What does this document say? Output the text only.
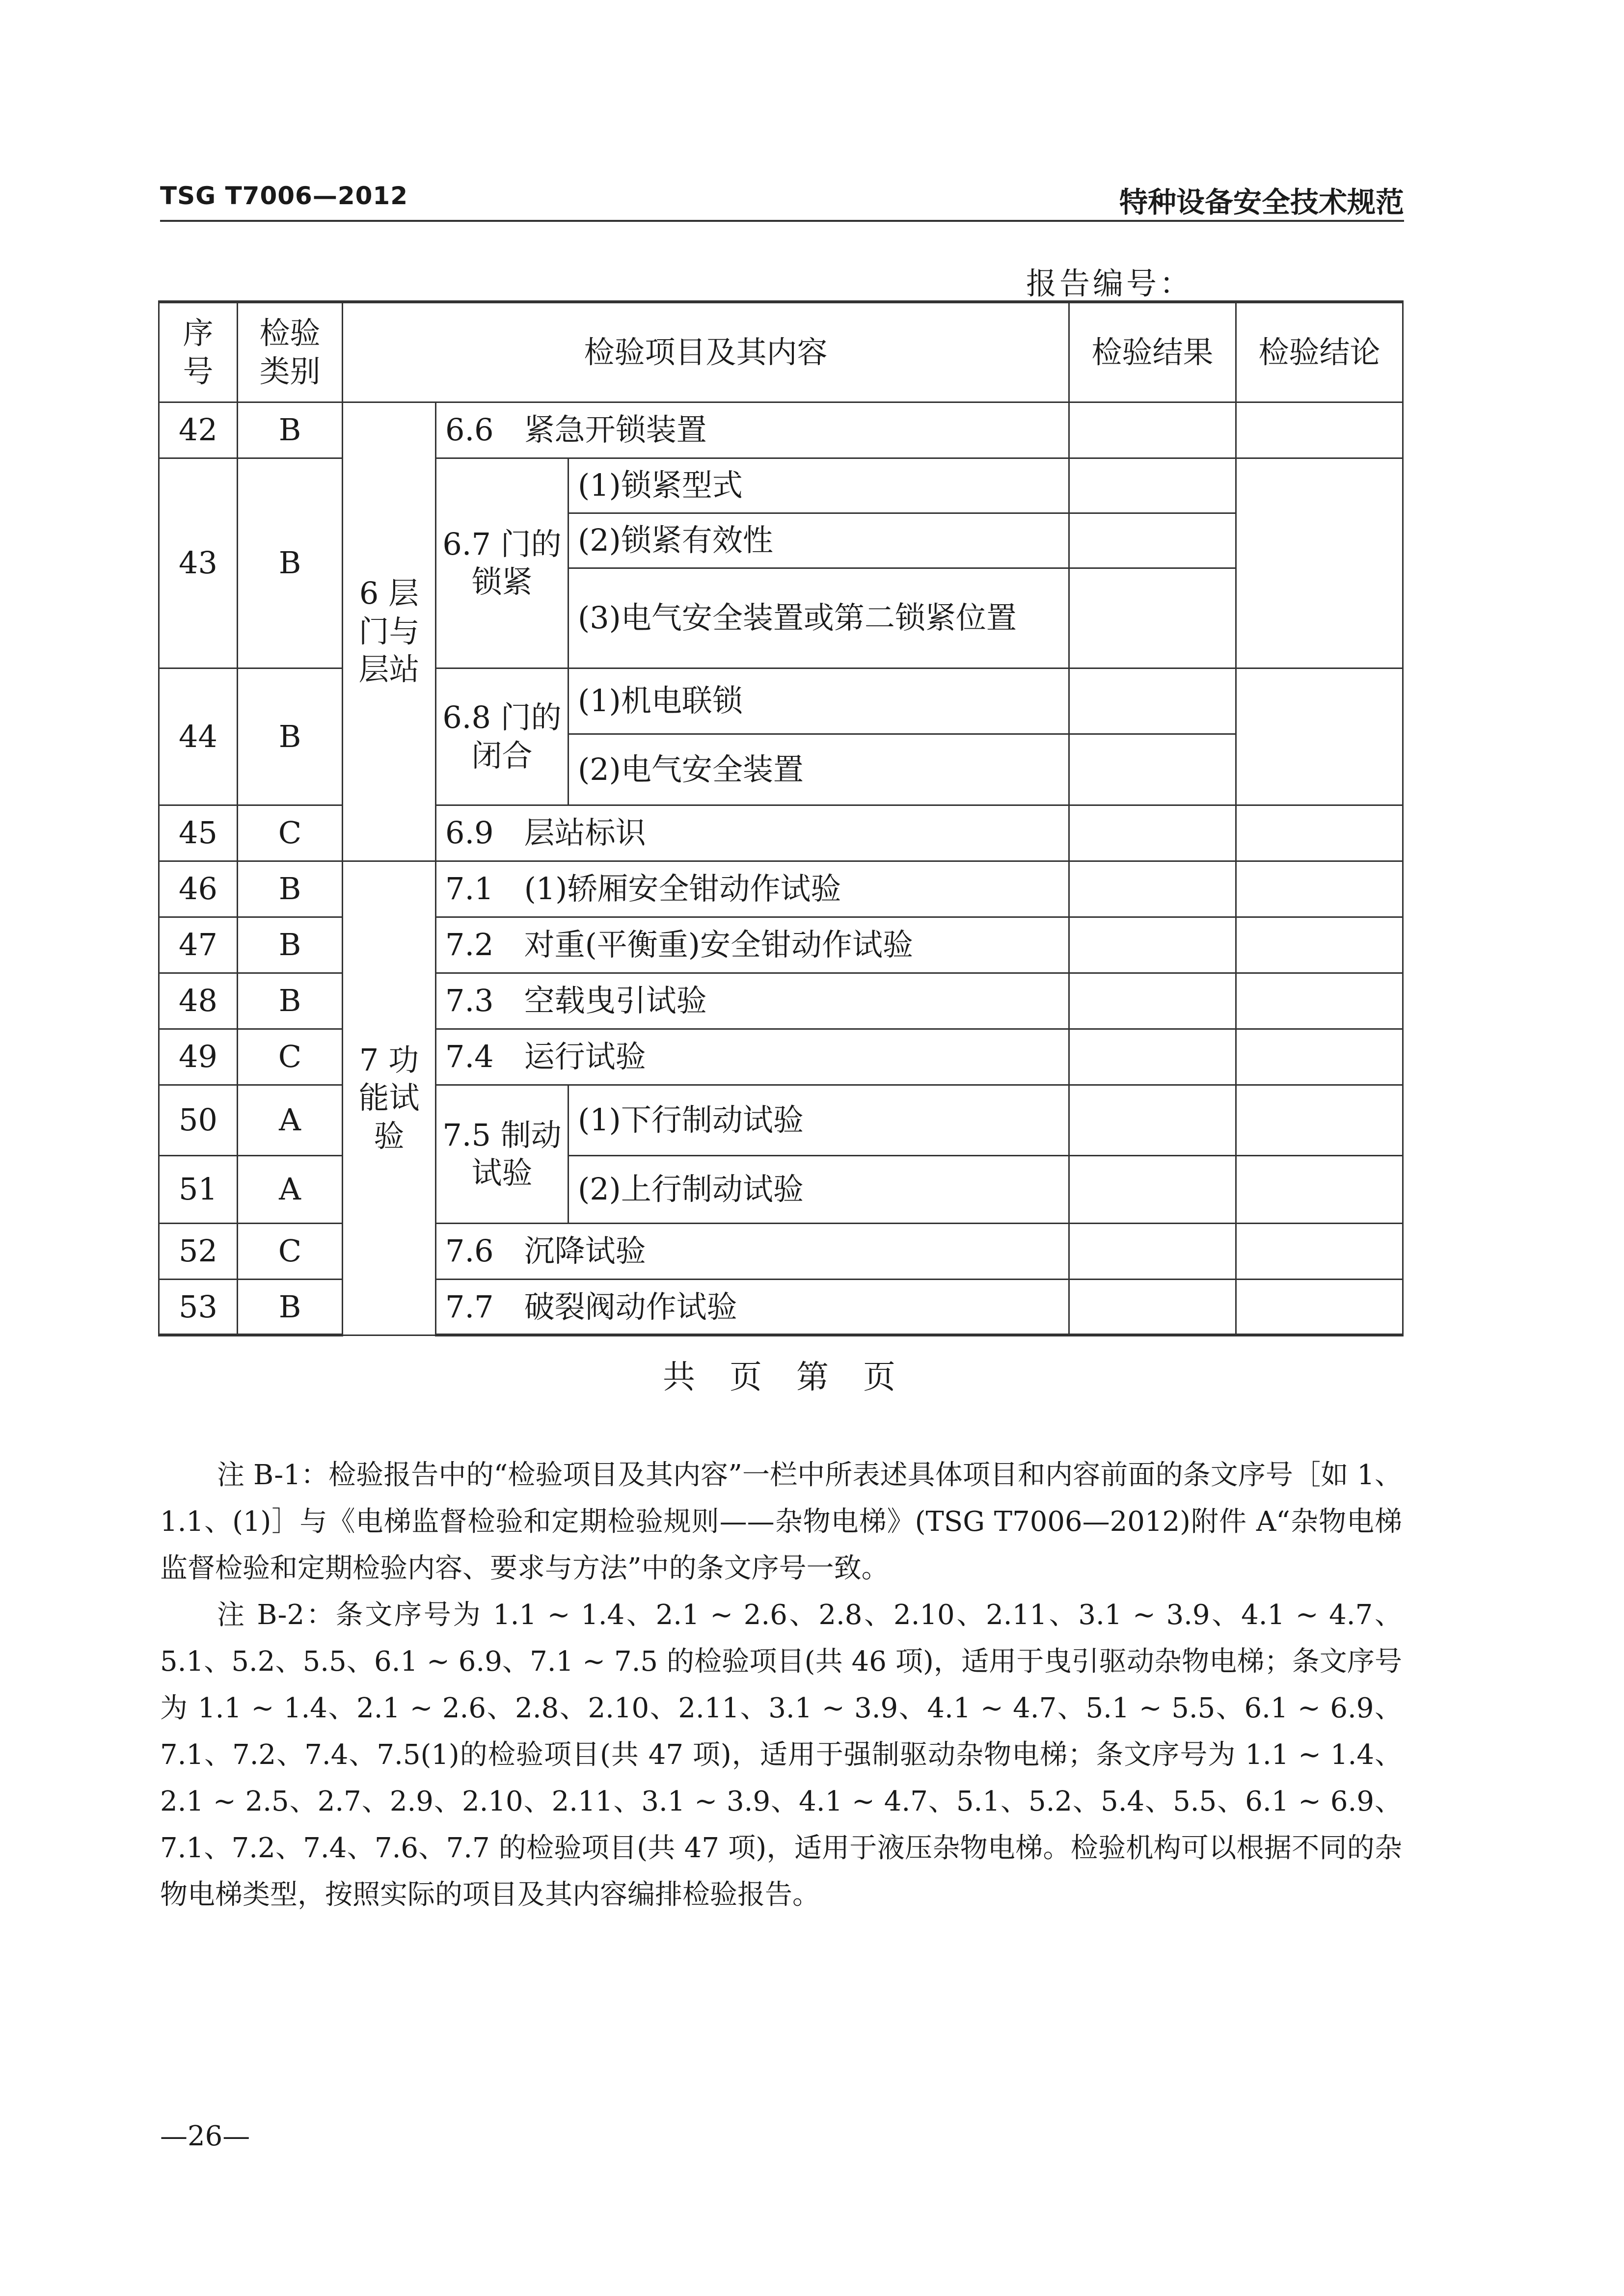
TSG T7006—2012	特种设备安全技术规范
报告编号：
序号	检验类别	检验项目及其内容			检验结果	检验结论
42	B	6 层门与层站	6.6　紧急开锁装置			
43	B		6.7 门的锁紧	(1)锁紧型式		
				(2)锁紧有效性		
				(3)电气安全装置或第二锁紧位置		
44	B		6.8 门的闭合	(1)机电联锁		
				(2)电气安全装置		
45	C		6.9　层站标识			
46	B	7 功能试验	7.1　(1)轿厢安全钳动作试验			
47	B		7.2　对重(平衡重)安全钳动作试验			
48	B		7.3　空载曳引试验			
49	C		7.4　运行试验			
50	A		7.5 制动试验	(1)下行制动试验		
51	A			(2)上行制动试验		
52	C		7.6　沉降试验			
53	B		7.7　破裂阀动作试验			
共　页　第　页

注 B-1：检验报告中的“检验项目及其内容”一栏中所表述具体项目和内容前面的条文序号［如 1、1.1、(1)］与《电梯监督检验和定期检验规则——杂物电梯》(TSG T7006—2012)附件 A“杂物电梯监督检验和定期检验内容、要求与方法”中的条文序号一致。

注 B-2：条文序号为 1.1 ~ 1.4、2.1 ~ 2.6、2.8、2.10、2.11、3.1 ~ 3.9、4.1 ~ 4.7、5.1、5.2、5.5、6.1 ~ 6.9、7.1 ~ 7.5 的检验项目(共 46 项)，适用于曳引驱动杂物电梯；条文序号为 1.1 ~ 1.4、2.1 ~ 2.6、2.8、2.10、2.11、3.1 ~ 3.9、4.1 ~ 4.7、5.1 ~ 5.5、6.1 ~ 6.9、7.1、7.2、7.4、7.5(1)的检验项目(共 47 项)，适用于强制驱动杂物电梯；条文序号为 1.1 ~ 1.4、2.1 ~ 2.5、2.7、2.9、2.10、2.11、3.1 ~ 3.9、4.1 ~ 4.7、5.1、5.2、5.4、5.5、6.1 ~ 6.9、7.1、7.2、7.4、7.6、7.7 的检验项目(共 47 项)，适用于液压杂物电梯。检验机构可以根据不同的杂物电梯类型，按照实际的项目及其内容编排检验报告。

—26—
